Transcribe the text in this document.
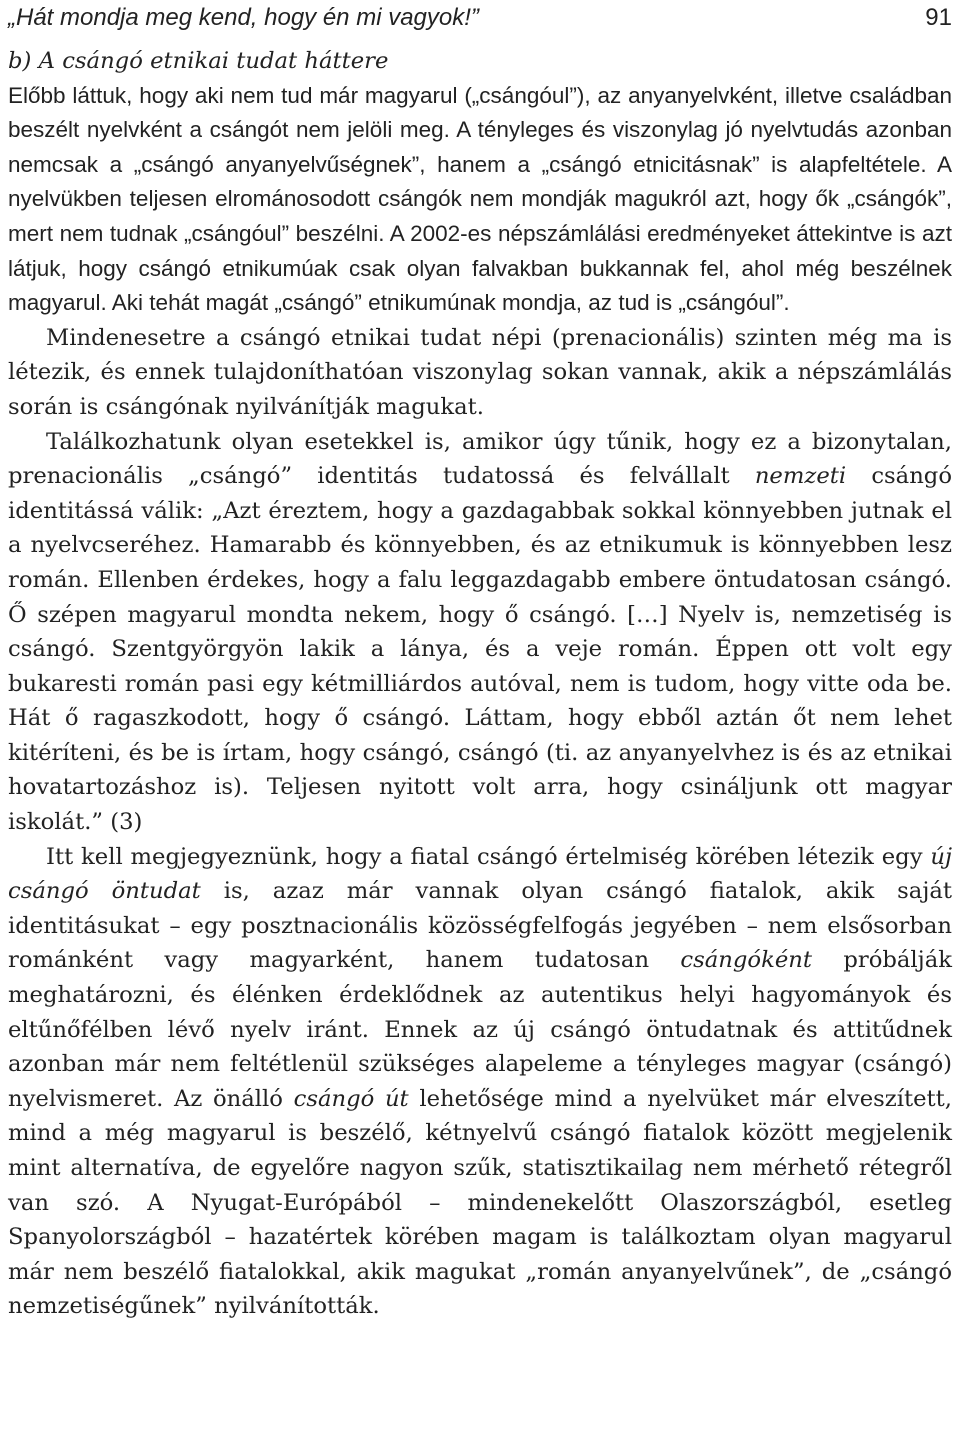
„Hát mondja meg kend, hogy én mi vagyok!”	91

b) A csángó etnikai tudat háttere

Előbb láttuk, hogy aki nem tud már magyarul („csángóul”), az anyanyelvként, illetve családban beszélt nyelvként a csángót nem jelöli meg. A tényleges és viszonylag jó nyelvtudás azonban nemcsak a „csángó anyanyelvűségnek”, hanem a „csángó etnicitásnak” is alapfeltétele. A nyelvükben teljesen elrománosodott csángók nem mondják magukról azt, hogy ők „csángók”, mert nem tudnak „csángóul” beszélni. A 2002-es népszámlálási eredményeket áttekintve is azt látjuk, hogy csángó etnikumúak csak olyan falvakban bukkannak fel, ahol még beszélnek magyarul. Aki tehát magát „csángó” etnikumúnak mondja, az tud is „csángóul”.

Mindenesetre a csángó etnikai tudat népi (prenacionális) szinten még ma is létezik, és ennek tulajdoníthatóan viszonylag sokan vannak, akik a népszámlálás során is csángónak nyilvánítják magukat.

Találkozhatunk olyan esetekkel is, amikor úgy tűnik, hogy ez a bizonytalan, prenacionális „csángó” identitás tudatossá és felvállalt nemzeti csángó identitássá válik: „Azt éreztem, hogy a gazdagabbak sokkal könnyebben jutnak el a nyelvcseréhez. Hamarabb és könnyebben, és az etnikumuk is könnyebben lesz román. Ellenben érdekes, hogy a falu leggazdagabb embere öntudatosan csángó. Ő szépen magyarul mondta nekem, hogy ő csángó. […] Nyelv is, nemzetiség is csángó. Szentgyörgyön lakik a lánya, és a veje román. Éppen ott volt egy bukaresti román pasi egy kétmilliárdos autóval, nem is tudom, hogy vitte oda be. Hát ő ragaszkodott, hogy ő csángó. Láttam, hogy ebből aztán őt nem lehet kitéríteni, és be is írtam, hogy csángó, csángó (ti. az anyanyelvhez is és az etnikai hovatartozáshoz is). Teljesen nyitott volt arra, hogy csináljunk ott magyar iskolát.” (3)

Itt kell megjegyeznünk, hogy a fiatal csángó értelmiség körében létezik egy új csángó öntudat is, azaz már vannak olyan csángó fiatalok, akik saját identitásukat – egy posztnacionális közösségfelfogás jegyében – nem elsősorban románként vagy magyarként, hanem tudatosan csángóként próbálják meghatározni, és élénken érdeklődnek az autentikus helyi hagyományok és eltűnőfélben lévő nyelv iránt. Ennek az új csángó öntudatnak és attitűdnek azonban már nem feltétlenül szükséges alapeleme a tényleges magyar (csángó) nyelvismeret. Az önálló csángó út lehetősége mind a nyelvüket már elveszített, mind a még magyarul is beszélő, kétnyelvű csángó fiatalok között megjelenik mint alternatíva, de egyelőre nagyon szűk, statisztikailag nem mérhető rétegről van szó. A Nyugat-Európából – mindenekelőtt Olaszországból, esetleg Spanyolországból – hazatértek körében magam is találkoztam olyan magyarul már nem beszélő fiatalokkal, akik magukat „román anyanyelvűnek”, de „csángó nemzetiségűnek” nyilvánították.
